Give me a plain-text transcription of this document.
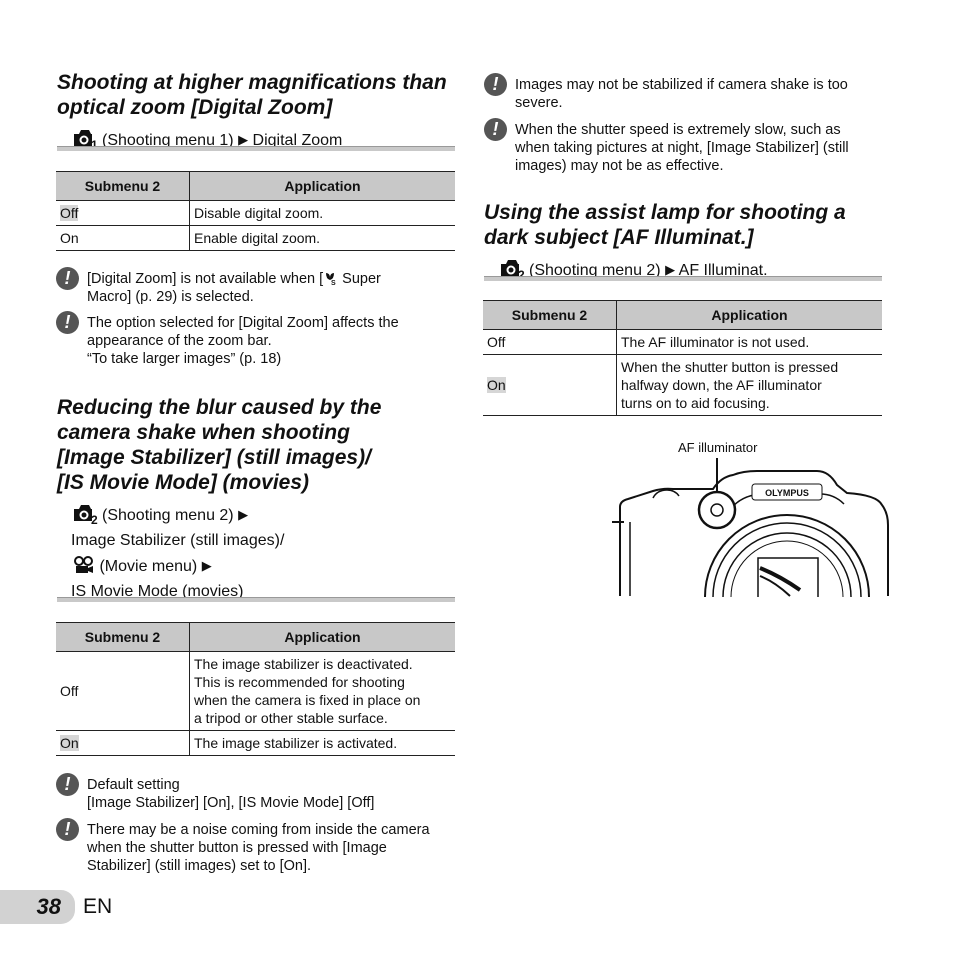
Shooting at higher magnifications than
optical zoom [Digital Zoom]
1 (Shooting menu 1) ▶ Digital Zoom
Submenu 2	Application
Off	Disable digital zoom.
On	Enable digital zoom.
!
[Digital Zoom] is not available when [ S Super
Macro] (p. 29) is selected.
!
The option selected for [Digital Zoom] affects the
appearance of the zoom bar.
“To take larger images” (p. 18)
Reducing the blur caused by the
camera shake when shooting
[Image Stabilizer] (still images)/
[IS Movie Mode] (movies)
2 (Shooting menu 2) ▶
Image Stabilizer (still images)/
(Movie menu) ▶
IS Movie Mode (movies)
Submenu 2	Application
Off	The image stabilizer is deactivated.
This is recommended for shooting
when the camera is fixed in place on
a tripod or other stable surface.
On	The image stabilizer is activated.
!
Default setting
[Image Stabilizer] [On], [IS Movie Mode] [Off]
!
There may be a noise coming from inside the camera
when the shutter button is pressed with [Image
Stabilizer] (still images) set to [On].
38 EN
!
Images may not be stabilized if camera shake is too
severe.
!
When the shutter speed is extremely slow, such as
when taking pictures at night, [Image Stabilizer] (still
images) may not be as effective.
Using the assist lamp for shooting a
dark subject [AF Illuminat.]
2 (Shooting menu 2) ▶ AF Illuminat.
Submenu 2	Application
Off	The AF illuminator is not used.
On	When the shutter button is pressed
halfway down, the AF illuminator
turns on to aid focusing.
AF illuminator
OLYMPUS
